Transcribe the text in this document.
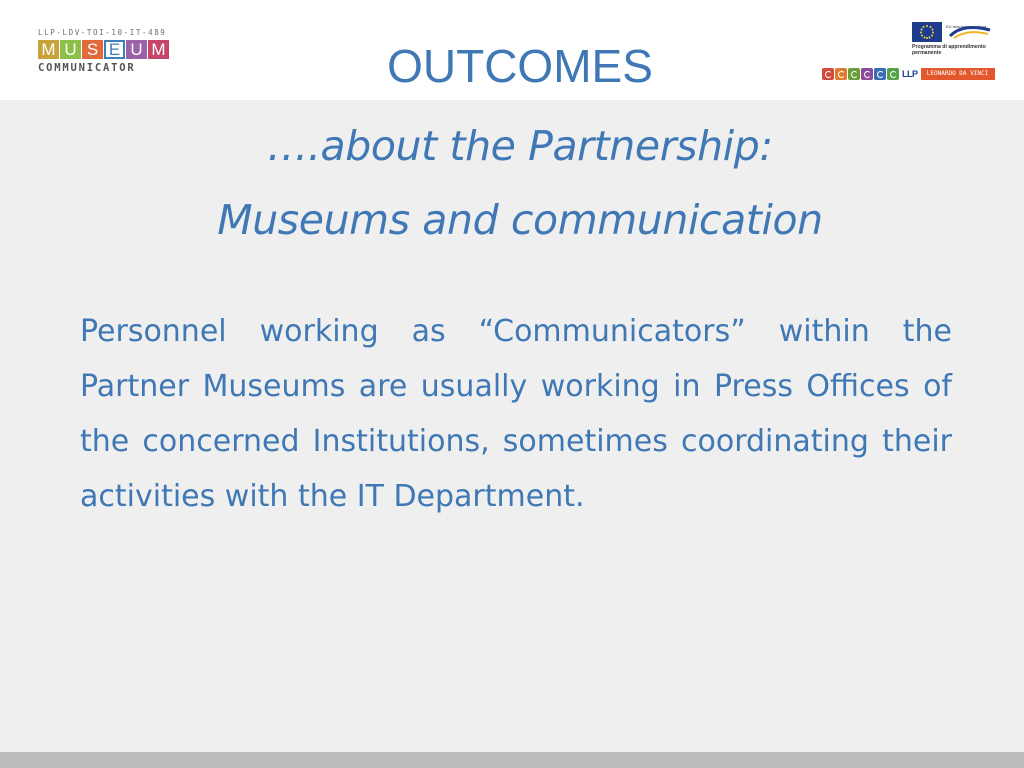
LLP-LDV-TOI-10-IT-489
M U S E U M
COMMUNICATOR	OUTCOMES
EU istruzione e cultura
Programma di apprendimento permanente
LLP	LEONARDO DA VINCI
….about the Partnership:
Museums and communication
Personnel working as “Communicators” within the Partner Museums are usually working in Press Offices of the concerned Institutions, sometimes coordinating their activities with the IT Department.
